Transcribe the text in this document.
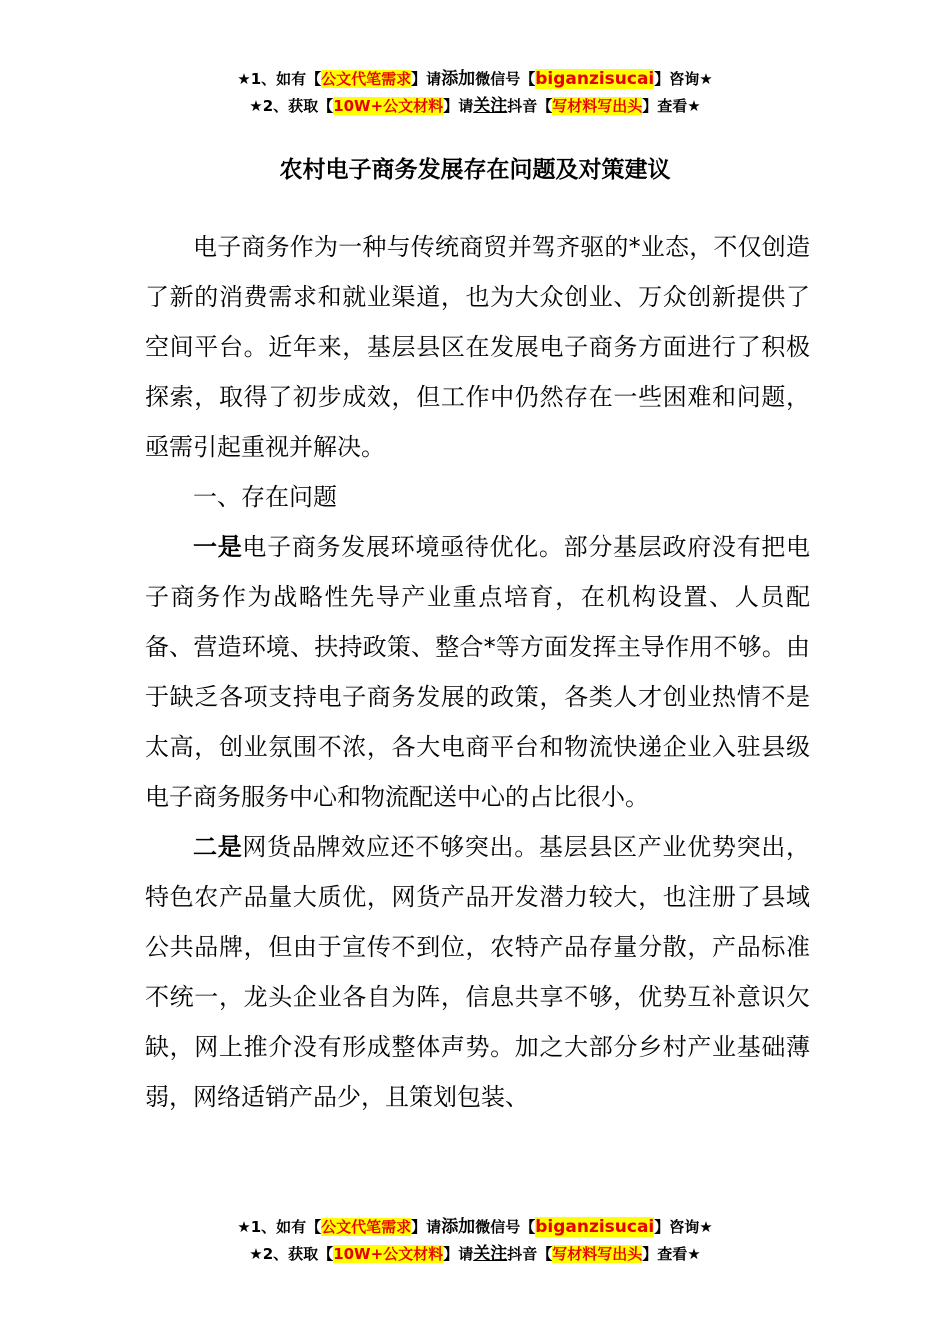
★1、如有【公文代笔需求】请添加微信号【biganzisucai】咨询★
★2、获取【10W+公文材料】请关注抖音【写材料写出头】查看★
农村电子商务发展存在问题及对策建议

电子商务作为一种与传统商贸并驾齐驱的*业态，不仅创造了新的消费需求和就业渠道，也为大众创业、万众创新提供了空间平台。近年来，基层县区在发展电子商务方面进行了积极探索，取得了初步成效，但工作中仍然存在一些困难和问题，亟需引起重视并解决。

一、存在问题

一是电子商务发展环境亟待优化。部分基层政府没有把电子商务作为战略性先导产业重点培育，在机构设置、人员配备、营造环境、扶持政策、整合*等方面发挥主导作用不够。由于缺乏各项支持电子商务发展的政策，各类人才创业热情不是太高，创业氛围不浓，各大电商平台和物流快递企业入驻县级电子商务服务中心和物流配送中心的占比很小。

二是网货品牌效应还不够突出。基层县区产业优势突出，特色农产品量大质优，网货产品开发潜力较大，也注册了县域公共品牌，但由于宣传不到位，农特产品存量分散，产品标准不统一，龙头企业各自为阵，信息共享不够，优势互补意识欠缺，网上推介没有形成整体声势。加之大部分乡村产业基础薄弱，网络适销产品少，且策划包装、

★1、如有【公文代笔需求】请添加微信号【biganzisucai】咨询★
★2、获取【10W+公文材料】请关注抖音【写材料写出头】查看★
